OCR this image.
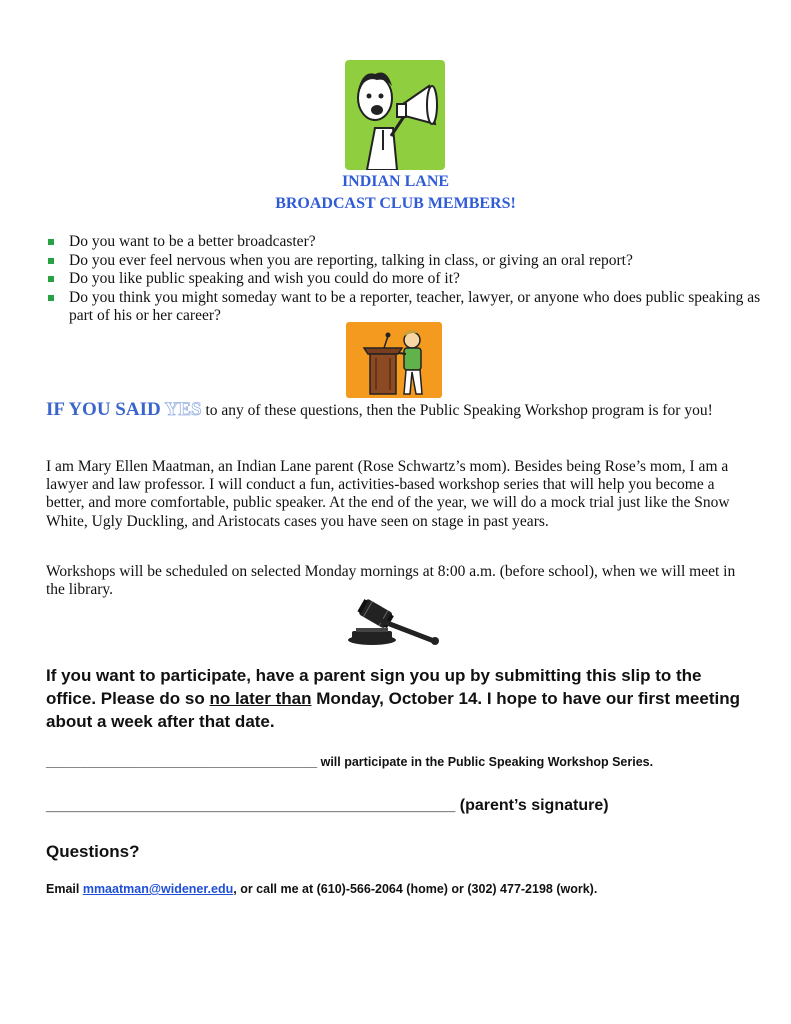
INDIAN LANE
BROADCAST CLUB MEMBERS!
Do you want to be a better broadcaster?
Do you ever feel nervous when you are reporting, talking in class, or giving an oral report?
Do you like public speaking and wish you could do more of it?
Do you think you might someday want to be a reporter, teacher, lawyer, or anyone who does public speaking as part of his or her career?
IF YOU SAID YES to any of these questions, then the Public Speaking Workshop program is for you!
I am Mary Ellen Maatman, an Indian Lane parent (Rose Schwartz’s mom). Besides being Rose’s mom, I am a lawyer and law professor. I will conduct a fun, activities-based workshop series that will help you become a better, and more comfortable, public speaker. At the end of the year, we will do a mock trial just like the Snow White, Ugly Duckling, and Aristocats cases you have seen on stage in past years.
Workshops will be scheduled on selected Monday mornings at 8:00 a.m. (before school), when we will meet in the library.
If you want to participate, have a parent sign you up by submitting this slip to the office. Please do so no later than Monday, October 14. I hope to have our first meeting about a week after that date.
_______________________________________ will participate in the Public Speaking Workshop Series.
______________________________________________ (parent’s signature)
Questions?
Email mmaatman@widener.edu, or call me at (610)-566-2064 (home) or (302) 477-2198 (work).
